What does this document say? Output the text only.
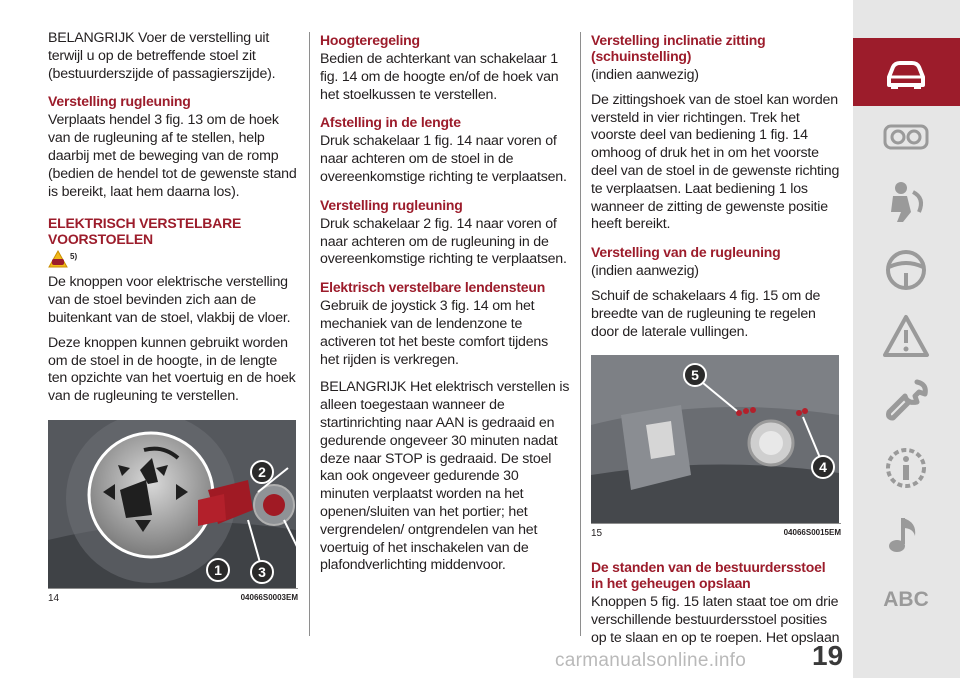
BELANGRIJK Voer de verstelling uit terwijl u op de betreffende stoel zit (bestuurderszijde of passagierszijde).

Verstelling rugleuning

Verplaats hendel 3 fig. 13 om de hoek van de rugleuning af te stellen, help daarbij met de beweging van de romp (bedien de hendel tot de gewenste stand is bereikt, laat hem daarna los).

ELEKTRISCH VERSTELBARE VOORSTOELEN
5)

De knoppen voor elektrische verstelling van de stoel bevinden zich aan de buitenkant van de stoel, vlakbij de vloer.

Deze knoppen kunnen gebruikt worden om de stoel in de hoogte, in de lengte ten opzichte van het voertuig en de hoek van de rugleuning te verstellen.

1
2
3
14	04066S0003EM
Hoogteregeling

Bedien de achterkant van schakelaar 1 fig. 14 om de hoogte en/of de hoek van het stoelkussen te verstellen.

Afstelling in de lengte

Druk schakelaar 1 fig. 14 naar voren of naar achteren om de stoel in de overeenkomstige richting te verplaatsen.

Verstelling rugleuning

Druk schakelaar 2 fig. 14 naar voren of naar achteren om de rugleuning in de overeenkomstige richting te verplaatsen.

Elektrisch verstelbare lendensteun

Gebruik de joystick 3 fig. 14 om het mechaniek van de lendenzone te activeren tot het beste comfort tijdens het rijden is verkregen.

BELANGRIJK Het elektrisch verstellen is alleen toegestaan wanneer de startinrichting naar AAN is gedraaid en gedurende ongeveer 30 minuten nadat deze naar STOP is gedraaid. De stoel kan ook ongeveer gedurende 30 minuten verplaatst worden na het openen/sluiten van het portier; het vergrendelen/ ontgrendelen van het voertuig of het inschakelen van de plafondverlichting middenvoor.

Verstelling inclinatie zitting (schuinstelling)

(indien aanwezig)

De zittingshoek van de stoel kan worden versteld in vier richtingen. Trek het voorste deel van bediening 1 fig. 14 omhoog of druk het in om het voorste deel van de stoel in de gewenste richting te verplaatsen. Laat bediening 1 los wanneer de zitting de gewenste positie heeft bereikt.

Verstelling van de rugleuning

(indien aanwezig)

Schuif de schakelaars 4 fig. 15 om de breedte van de rugleuning te regelen door de laterale vullingen.

5
4
15	04066S0015EM
De standen van de bestuurdersstoel in het geheugen opslaan

Knoppen 5 fig. 15 laten staat toe om drie verschillende bestuurdersstoel posities op te slaan en op te roepen. Het opslaan

ABC
19
carmanualsonline.info
